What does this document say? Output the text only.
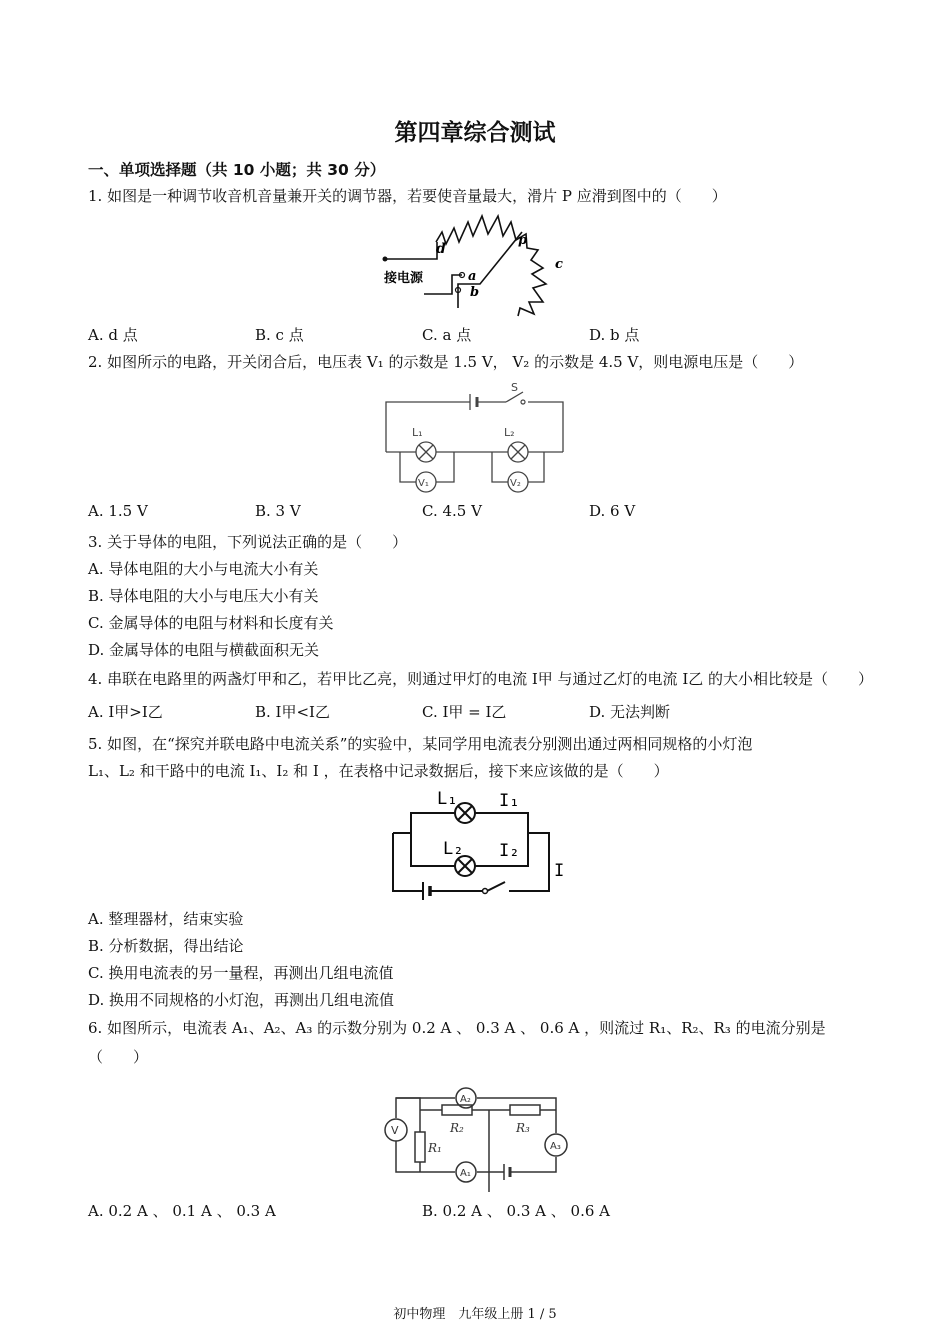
第四章综合测试
一、单项选择题（共 10 小题；共 30 分）
1. 如图是一种调节收音机音量兼开关的调节器，若要使音量最大，滑片 P 应滑到图中的（　　）
d
p
c
a
b
接电源
A. d 点	B. c 点	C. a 点	D. b 点
2. 如图所示的电路，开关闭合后，电压表 V₁ 的示数是 1.5 V， V₂ 的示数是 4.5 V，则电源电压是（　　）
S
L₁	L₂
V₁	V₂
A. 1.5 V	B. 3 V	C. 4.5 V	D. 6 V
3. 关于导体的电阻，下列说法正确的是（　　）
A. 导体电阻的大小与电流大小有关
B. 导体电阻的大小与电压大小有关
C. 金属导体的电阻与材料和长度有关
D. 金属导体的电阻与横截面积无关
4. 串联在电路里的两盏灯甲和乙，若甲比乙亮，则通过甲灯的电流 I甲 与通过乙灯的电流 I乙 的大小相比较是（　　）
A. I甲>I乙	B. I甲<I乙	C. I甲 = I乙	D. 无法判断
5. 如图，在“探究并联电路中电流关系”的实验中，某同学用电流表分别测出通过两相同规格的小灯泡
L₁、L₂ 和干路中的电流 I₁、I₂ 和 I ，在表格中记录数据后，接下来应该做的是（　　）
L₁ I₁
L₂ I₂
I
A. 整理器材，结束实验
B. 分析数据，得出结论
C. 换用电流表的另一量程，再测出几组电流值
D. 换用不同规格的小灯泡，再测出几组电流值
6. 如图所示，电流表 A₁、A₂、A₃ 的示数分别为 0.2 A 、 0.3 A 、 0.6 A ，则流过 R₁、R₂、R₃ 的电流分别是
（　　）
A₂
V	R₂	R₃
R₁	A₃
A₁
A. 0.2 A 、 0.1 A 、 0.3 A	B. 0.2 A 、 0.3 A 、 0.6 A
初中物理　九年级上册 1 / 5
